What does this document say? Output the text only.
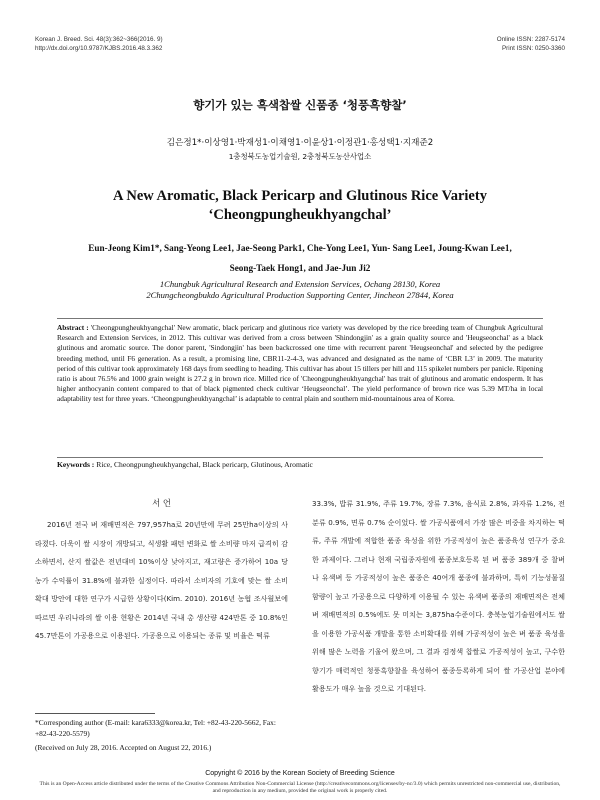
Korean J. Breed. Sci. 48(3):362~366(2016. 9)
http://dx.doi.org/10.9787/KJBS.2016.48.3.362
Online ISSN: 2287-5174
Print ISSN: 0250-3360
향기가 있는 흑색찹쌀 신품종 ‘청풍흑향찰’
김은정1*·이상영1·박재성1·이채영1·이윤상1·이정관1·홍성택1·지재준2
1충청북도농업기술원, 2충청북도농산사업소
A New Aromatic, Black Pericarp and Glutinous Rice Variety
‘Cheongpungheukhyangchal’
Eun-Jeong Kim1*, Sang-Yeong Lee1, Jae-Seong Park1, Che-Yong Lee1, Yun- Sang Lee1, Joung-Kwan Lee1,
Seong-Taek Hong1, and Jae-Jun Ji2
1Chungbuk Agricultural Research and Extension Services, Ochang 28130, Korea
2Chungcheongbukdo Agricultural Production Supporting Center, Jincheon 27844, Korea
Abstract : 'Cheongpungheukhyangchal' New aromatic, black pericarp and glutinous rice variety was developed by the rice breeding team of Chungbuk Agricultural Research and Extension Services, in 2012. This cultivar was derived from a cross between 'Shindongjin' as a grain quality source and 'Heugseonchal' as a black glutinous and aromatic source. The donor parent, 'Sindongjin' has been backcrossed one time with recurrent parent 'Heugseonchal' and selected by the pedigree breeding method, until F6 generation. As a result, a promising line, CBR11-2-4-3, was advanced and designated as the name of ‘CBR L3’ in 2009. The maturity period of this cultivar took approximately 168 days from seedling to heading. This cultivar has about 15 tillers per hill and 115 spikelet numbers per panicle. Ripening ratio is about 76.5% and 1000 grain weight is 27.2 g in brown rice. Milled rice of 'Cheongpungheukhyangchal' has trait of glutinous and aromatic endosperm. It has higher anthocyanin content compared to that of black pigmented check cultivar ‘Heugseonchal’. The yield performance of brown rice was 5.39 MT/ha in local adaptability test for three years. ‘Cheongpungheukhyangchal’ is adaptable to central plain and southern mid-mountainous area of Korea.
Keywords : Rice, Cheongpungheukhyangchal, Black pericarp, Glutinous, Aromatic
서 언
2016년 전국 벼 재배면적은 797,957ha로 20년만에 무려 25만ha이상의 사라졌다. 더욱이 쌀 시장이 개방되고, 식생활 패턴 변화로 쌀 소비량 마저 급격히 감소하면서, 산지 쌀값은 전년대비 10%이상 낮아지고, 재고량은 증가하여 10a 당 농가 수익률이 31.8%에 불과한 실정이다. 따라서 소비자의 기호에 맞는 쌀 소비 확대 방안에 대한 연구가 시급한 상황이다(Kim. 2010). 2016년 농협 조사월보에 따르면 우리나라의 쌀 이용 현황은 2014년 국내 총 생산량 424만톤 중 10.8%인 45.7만톤이 가공용으로 이용된다. 가공용으로 이용되는 종류 및 비율은 떡류
33.3%, 밥류 31.9%, 주류 19.7%, 장류 7.3%, 음식료 2.8%, 과자류 1.2%, 전분류 0.9%, 면류 0.7% 순이었다. 쌀 가공식품에서 가장 많은 비중을 차지하는 떡류, 주류 개발에 적합한 품종 육성을 위한 가공적성이 높은 품종육성 연구가 중요한 과제이다. 그러나 현재 국립종자원에 품종보호등록 된 벼 품종 389개 중 찰벼나 유색벼 등 가공적성이 높은 품종은 40여개 품종에 불과하며, 특히 기능성물질 함량이 높고 가공용으로 다양하게 이용될 수 있는 유색벼 품종의 재배면적은 전체 벼 재배면적의 0.5%에도 못 미치는 3,875ha수준이다. 충북농업기술원에서도 쌀을 이용한 가공식품 개발을 통한 소비확대를 위해 가공적성이 높은 벼 품종 육성을 위해 많은 노력을 기울여 왔으며, 그 결과 검정색 찹쌀로 가공적성이 높고, 구수한 향기가 매력적인 청풍흑향찰을 육성하여 품종등록하게 되어 쌀 가공산업 분야에 활용도가 매우 높을 것으로 기대된다.
*Corresponding author (E-mail: kara6333@korea.kr, Tel: +82-43-220-5662, Fax: +82-43-220-5579)
(Received on July 28, 2016. Accepted on August 22, 2016.)
Copyright © 2016 by the Korean Society of Breeding Science
This is an Open-Access article distributed under the terms of the Creative Commons Attribution Non-Commercial License (http://creativecommons.org/licenses/by-nc/3.0) which permits unrestricted non-commercial use, distribution, and reproduction in any medium, provided the original work is properly cited.
